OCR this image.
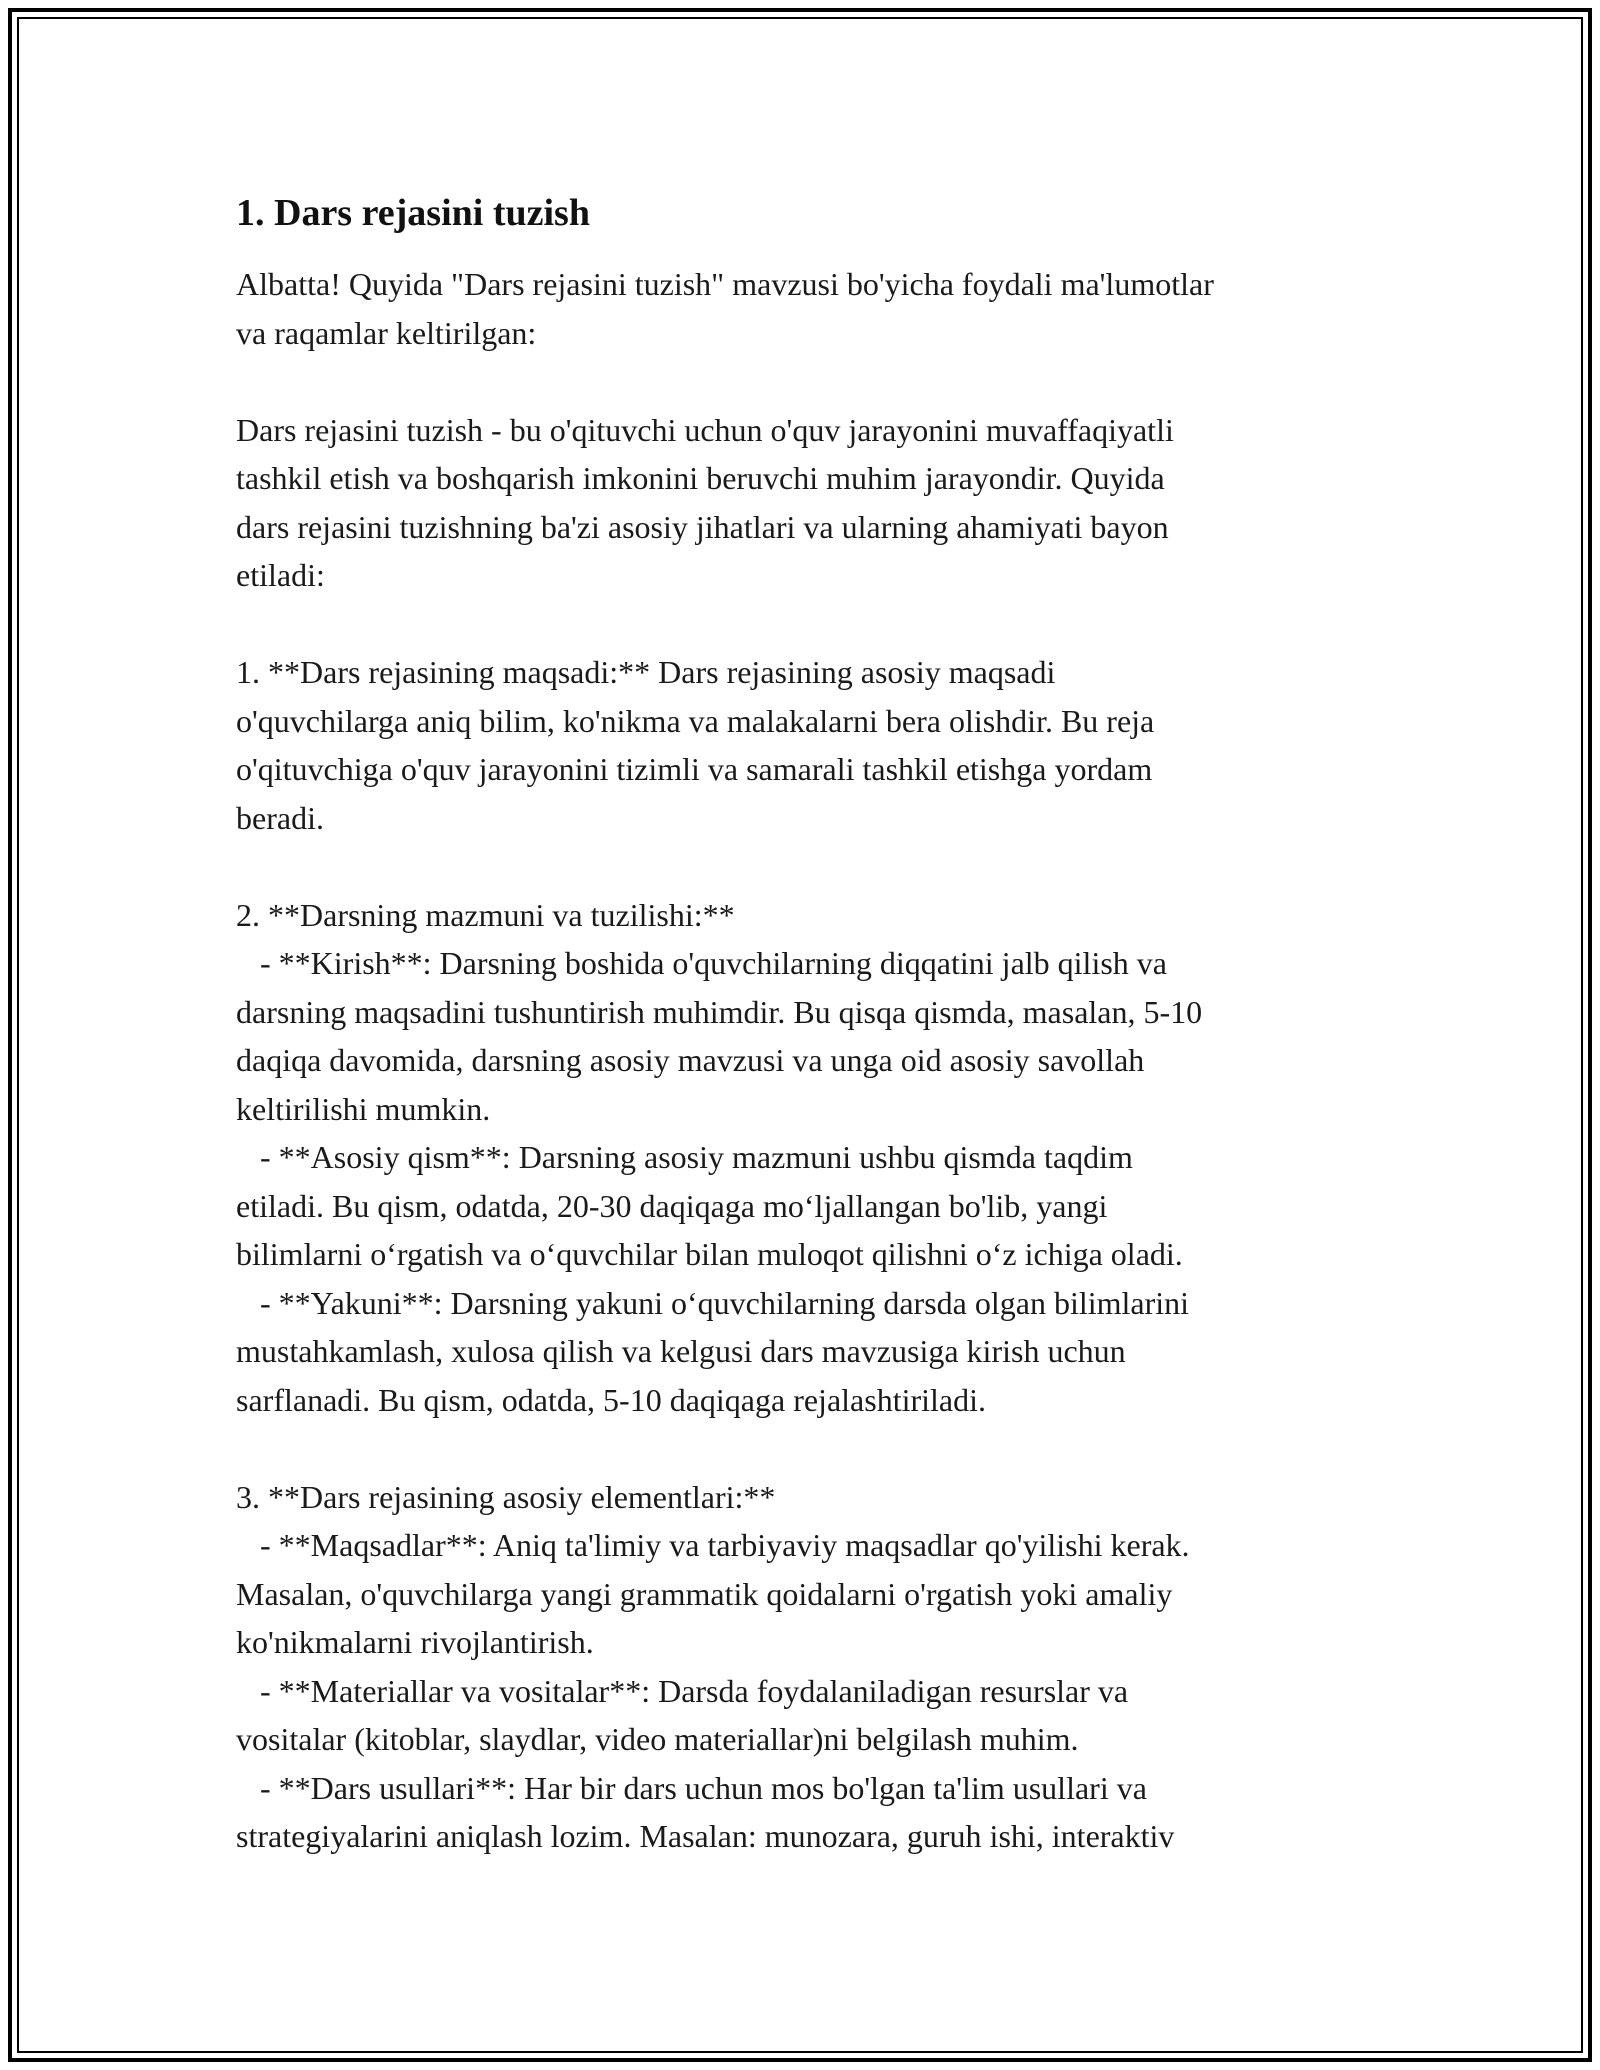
1. Dars rejasini tuzish
Albatta! Quyida "Dars rejasini tuzish" mavzusi bo'yicha foydali ma'lumotlar
va raqamlar keltirilgan:
Dars rejasini tuzish - bu o'qituvchi uchun o'quv jarayonini muvaffaqiyatli
tashkil etish va boshqarish imkonini beruvchi muhim jarayondir. Quyida
dars rejasini tuzishning ba'zi asosiy jihatlari va ularning ahamiyati bayon
etiladi:
1. **Dars rejasining maqsadi:** Dars rejasining asosiy maqsadi
o'quvchilarga aniq bilim, ko'nikma va malakalarni bera olishdir. Bu reja
o'qituvchiga o'quv jarayonini tizimli va samarali tashkil etishga yordam
beradi.
2. **Darsning mazmuni va tuzilishi:**
- **Kirish**: Darsning boshida o'quvchilarning diqqatini jalb qilish va
darsning maqsadini tushuntirish muhimdir. Bu qisqa qismda, masalan, 5-10
daqiqa davomida, darsning asosiy mavzusi va unga oid asosiy savollah
keltirilishi mumkin.
- **Asosiy qism**: Darsning asosiy mazmuni ushbu qismda taqdim
etiladi. Bu qism, odatda, 20-30 daqiqaga moʻljallangan bo'lib, yangi
bilimlarni oʻrgatish va oʻquvchilar bilan muloqot qilishni oʻz ichiga oladi.
- **Yakuni**: Darsning yakuni oʻquvchilarning darsda olgan bilimlarini
mustahkamlash, xulosa qilish va kelgusi dars mavzusiga kirish uchun
sarflanadi. Bu qism, odatda, 5-10 daqiqaga rejalashtiriladi.
3. **Dars rejasining asosiy elementlari:**
- **Maqsadlar**: Aniq ta'limiy va tarbiyaviy maqsadlar qo'yilishi kerak.
Masalan, o'quvchilarga yangi grammatik qoidalarni o'rgatish yoki amaliy
ko'nikmalarni rivojlantirish.
- **Materiallar va vositalar**: Darsda foydalaniladigan resurslar va
vositalar (kitoblar, slaydlar, video materiallar)ni belgilash muhim.
- **Dars usullari**: Har bir dars uchun mos bo'lgan ta'lim usullari va
strategiyalarini aniqlash lozim. Masalan: munozara, guruh ishi, interaktiv
